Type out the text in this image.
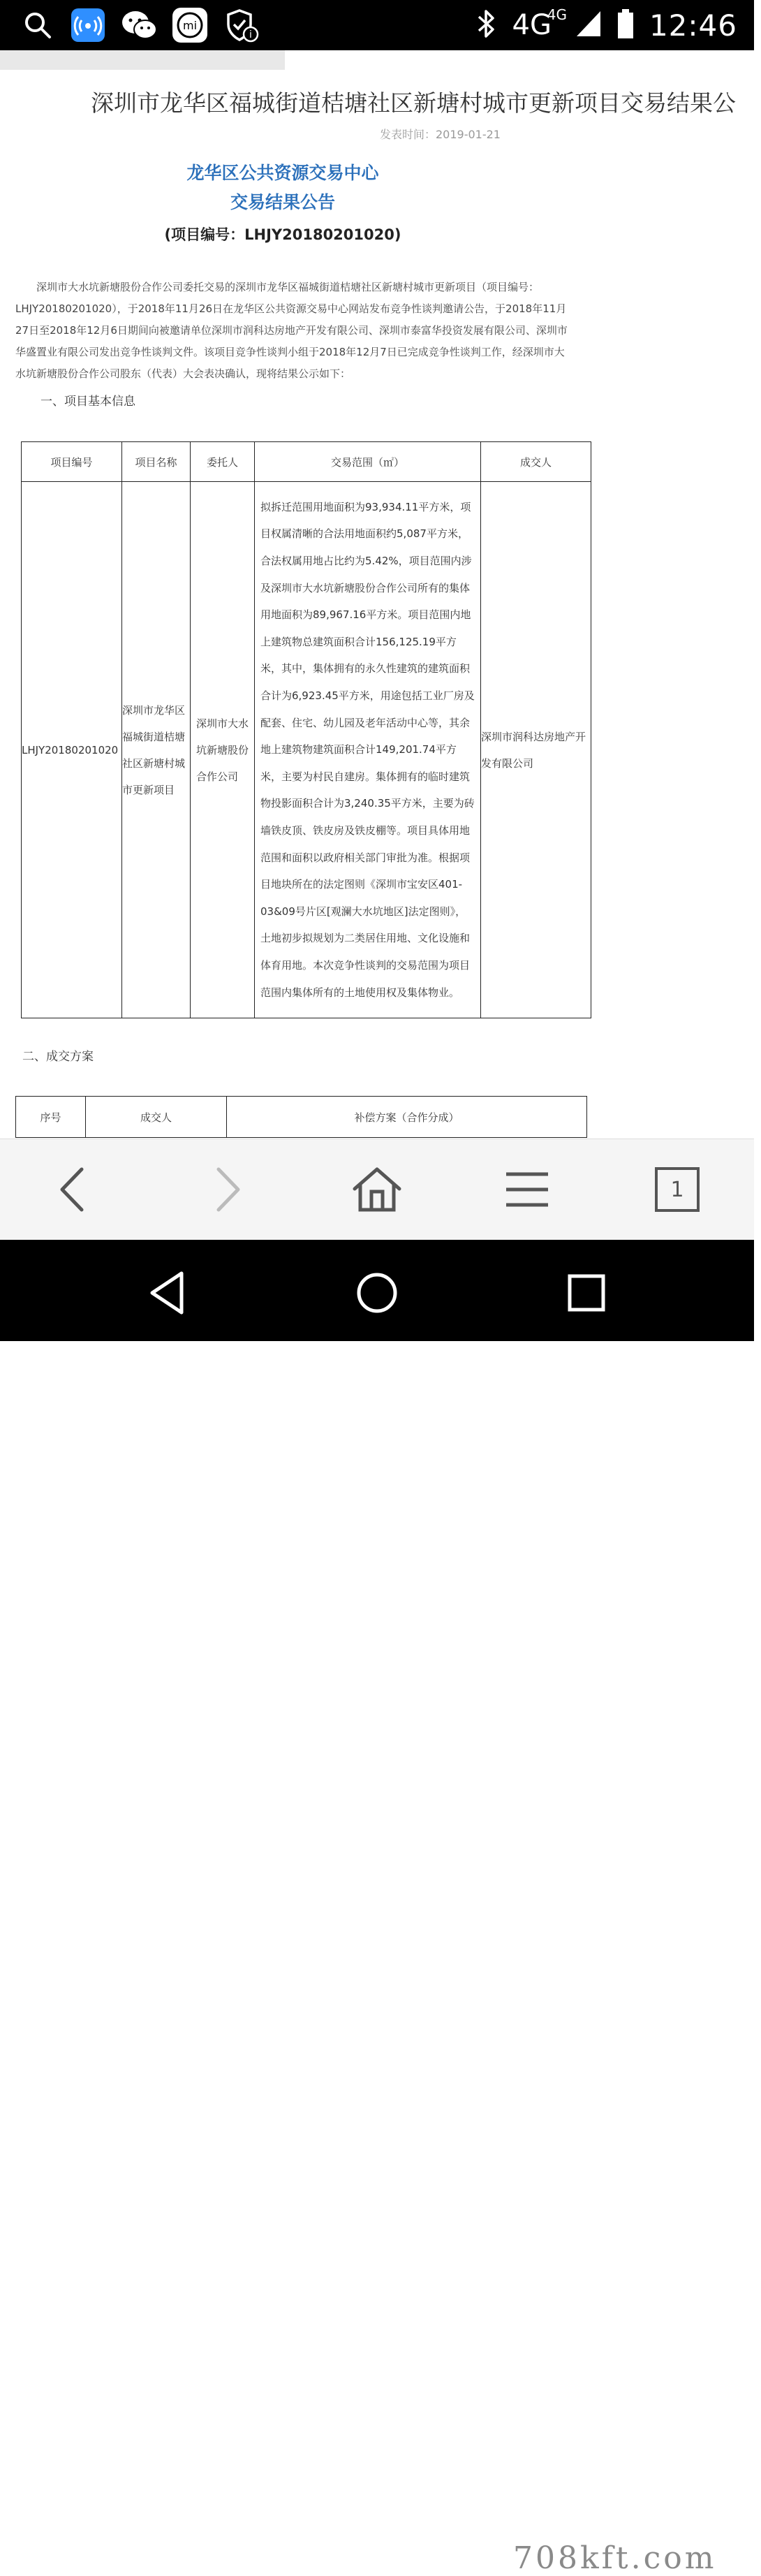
mi
i	4G
4G	12:46
深圳市龙华区福城街道桔塘社区新塘村城市更新项目交易结果公
发表时间：2019-01-21
龙华区公共资源交易中心
交易结果公告
(项目编号：LHJY20180201020)
深圳市大水坑新塘股份合作公司委托交易的深圳市龙华区福城街道桔塘社区新塘村城市更新项目（项目编号：LHJY20180201020），于2018年11月26日在龙华区公共资源交易中心网站发布竞争性谈判邀请公告，于2018年11月27日至2018年12月6日期间向被邀请单位深圳市润科达房地产开发有限公司、深圳市泰富华投资发展有限公司、深圳市华盛置业有限公司发出竞争性谈判文件。该项目竞争性谈判小组于2018年12月7日已完成竞争性谈判工作，经深圳市大水坑新塘股份合作公司股东（代表）大会表决确认，现将结果公示如下：
一、项目基本信息
项目编号	项目名称	委托人	交易范围（㎡）	成交人
LHJY20180201020	深圳市龙华区福城街道桔塘社区新塘村城市更新项目	深圳市大水坑新塘股份合作公司	拟拆迁范围用地面积为93,934.11平方米，项目权属清晰的合法用地面积约5,087平方米，合法权属用地占比约为5.42%，项目范围内涉及深圳市大水坑新塘股份合作公司所有的集体用地面积为89,967.16平方米。项目范围内地上建筑物总建筑面积合计156,125.19平方米，其中，集体拥有的永久性建筑的建筑面积合计为6,923.45平方米，用途包括工业厂房及配套、住宅、幼儿园及老年活动中心等，其余地上建筑物建筑面积合计149,201.74平方米，主要为村民自建房。集体拥有的临时建筑物投影面积合计为3,240.35平方米，主要为砖墙铁皮顶、铁皮房及铁皮棚等。项目具体用地范围和面积以政府相关部门审批为准。根据项目地块所在的法定图则《深圳市宝安区401-03&09号片区[观澜大水坑地区]法定图则》，土地初步拟规划为二类居住用地、文化设施和体育用地。本次竞争性谈判的交易范围为项目范围内集体所有的土地使用权及集体物业。	深圳市润科达房地产开发有限公司
二、成交方案
序号	成交人	补偿方案（合作分成）
1
深圳小产权信息网
708kft.com
